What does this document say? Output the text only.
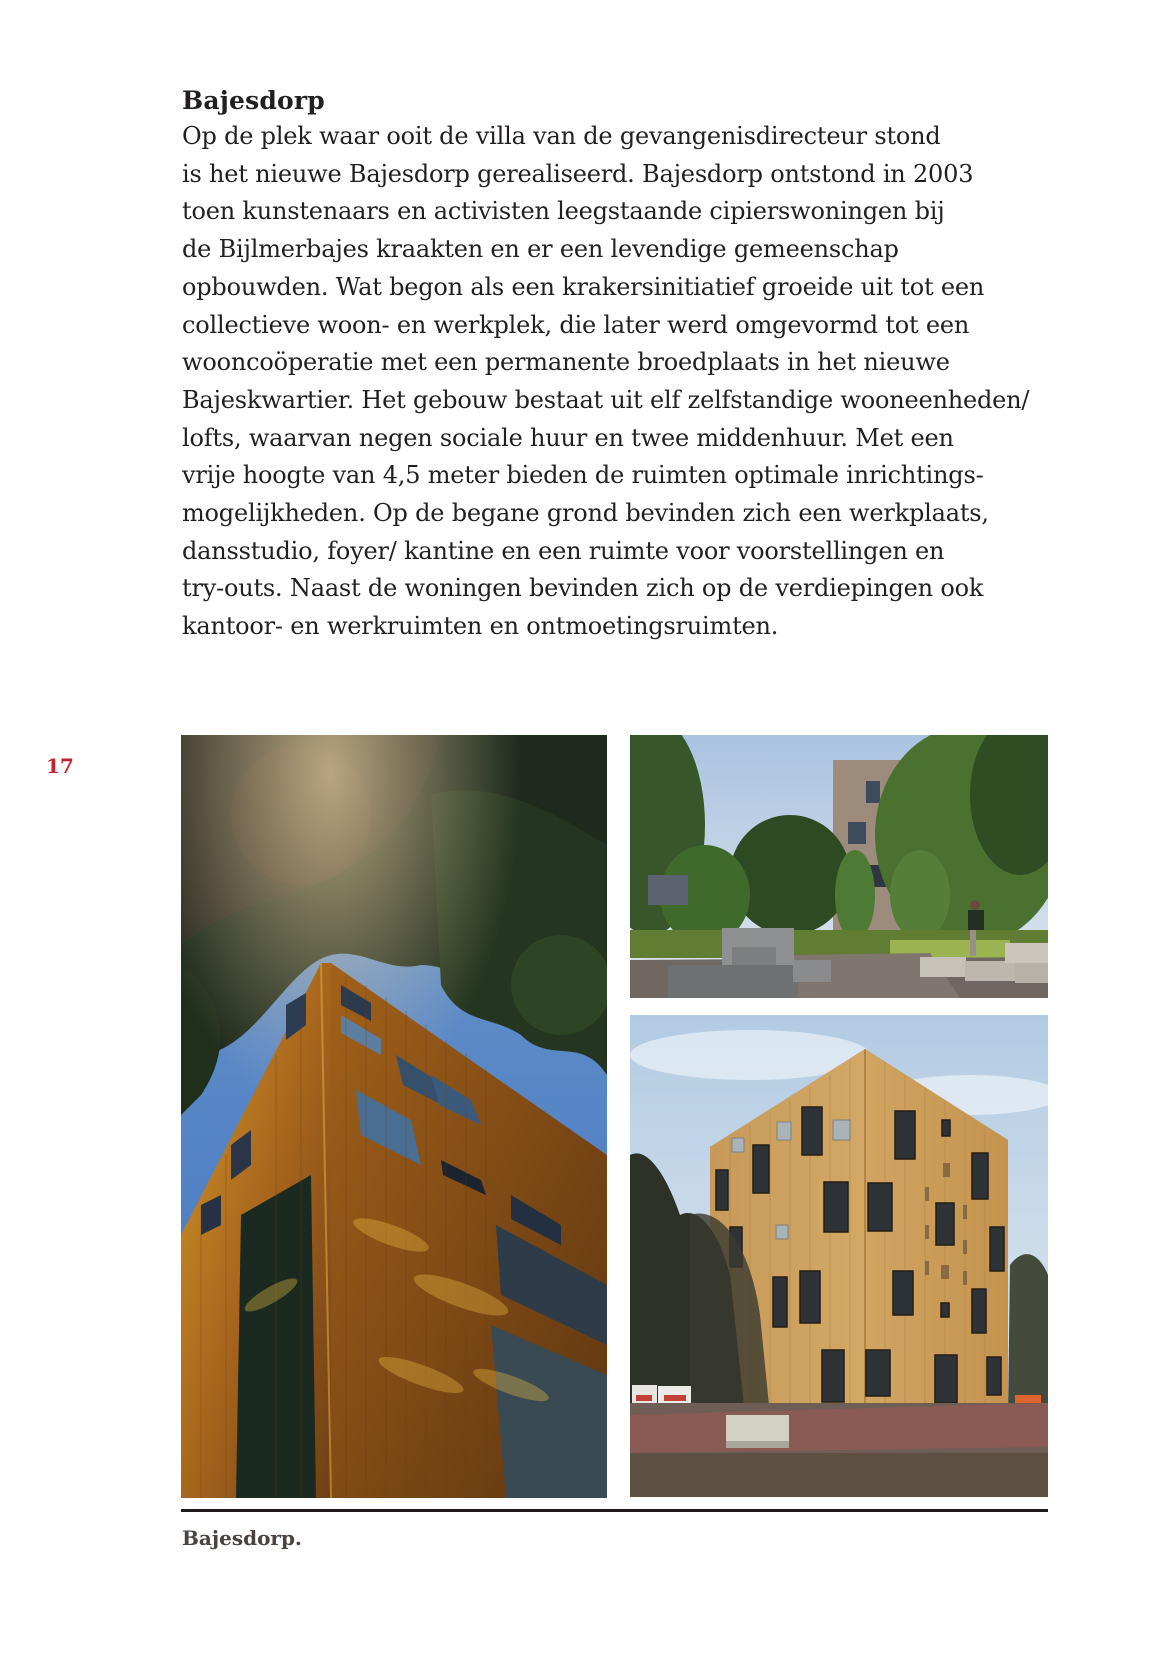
Bajesdorp
Op de plek waar ooit de villa van de gevangenisdirecteur stond
is het nieuwe Bajesdorp gerealiseerd. Bajesdorp ontstond in 2003
toen kunstenaars en activisten leegstaande cipierswoningen bij
de Bijlmerbajes kraakten en er een levendige gemeenschap
opbouwden. Wat begon als een krakersinitiatief groeide uit tot een
collectieve woon- en werkplek, die later werd omgevormd tot een
wooncoöperatie met een permanente broedplaats in het nieuwe
Bajeskwartier. Het gebouw bestaat uit elf zelfstandige wooneenheden/
lofts, waarvan negen sociale huur en twee middenhuur. Met een
vrije hoogte van 4,5 meter bieden de ruimten optimale inrichtings-
mogelijkheden. Op de begane grond bevinden zich een werkplaats,
dansstudio, foyer/ kantine en een ruimte voor voorstellingen en
try-outs. Naast de woningen bevinden zich op de verdiepingen ook
kantoor- en werkruimten en ontmoetingsruimten.
17
Bajesdorp.
